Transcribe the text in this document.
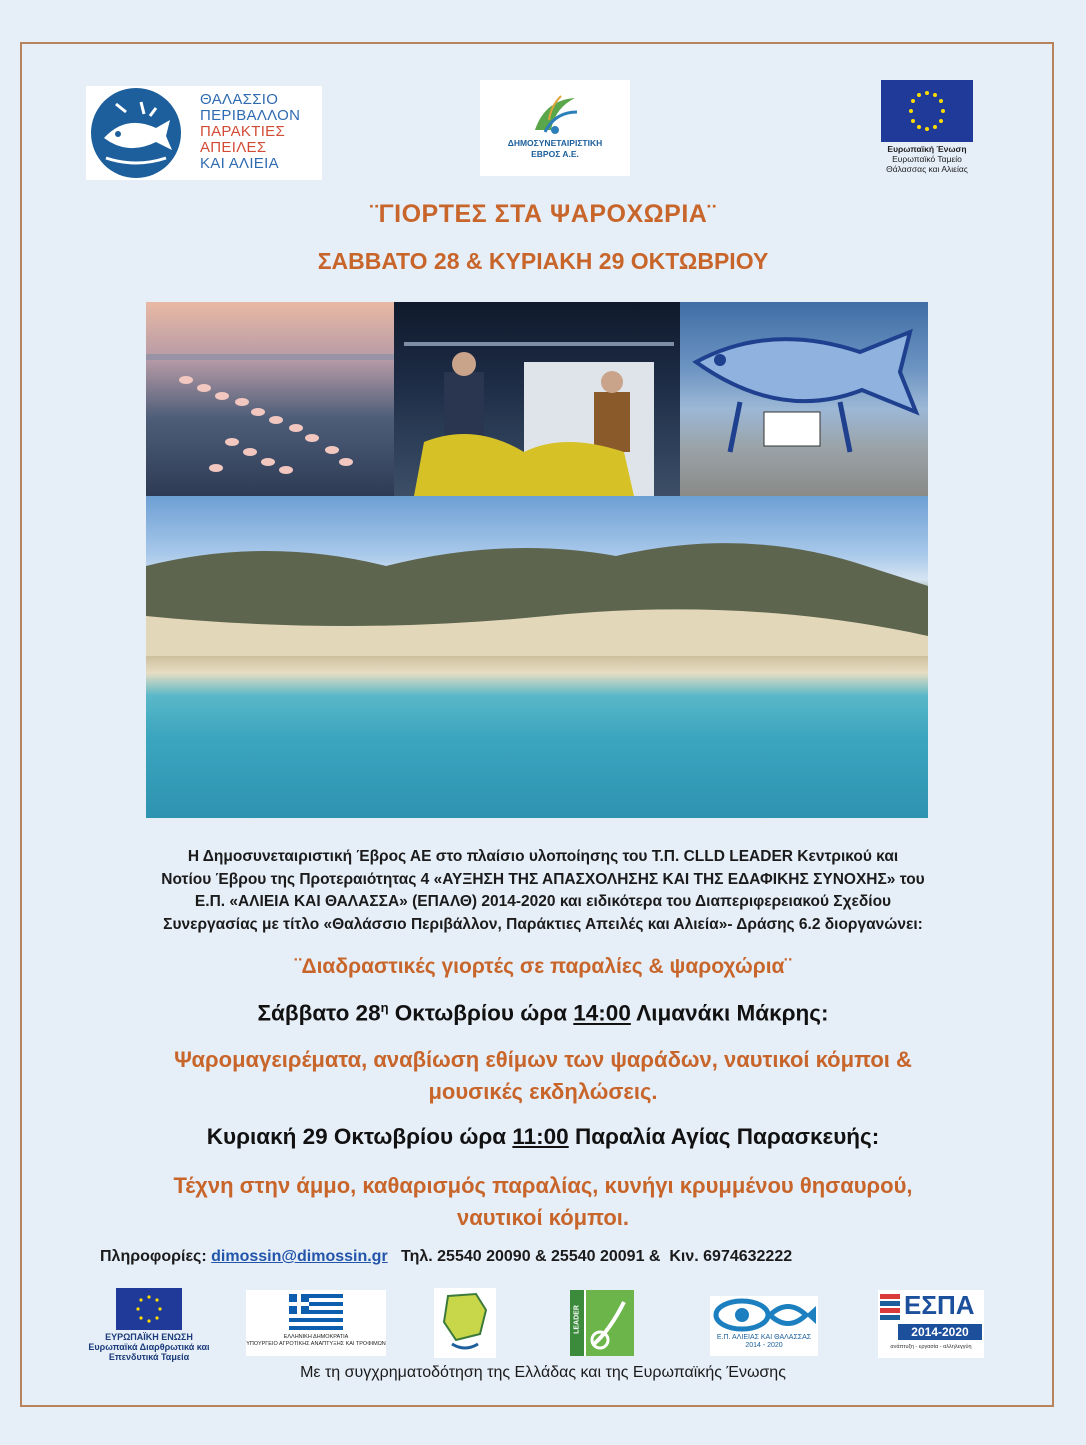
ΘΑΛΑΣΣΙΟ
ΠΕΡΙΒΑΛΛΟΝ
ΠΑΡΑΚΤΙΕΣ
ΑΠΕΙΛΕΣ
ΚΑΙ ΑΛΙΕΙΑ
ΔΗΜΟΣΥΝΕΤΑΙΡΙΣΤΙΚΗ
ΕΒΡΟΣ Α.Ε.	Ευρωπαϊκή Ένωση
Ευρωπαϊκό Ταμείο
Θάλασσας και Αλιείας
¨ΓΙΟΡΤΕΣ ΣΤΑ ΨΑΡΟΧΩΡΙΑ¨
ΣΑΒΒΑΤΟ 28 & ΚΥΡΙΑΚΗ 29 ΟΚΤΩΒΡΙΟΥ
Η Δημοσυνεταιριστική Έβρος ΑΕ στο πλαίσιο υλοποίησης του Τ.Π. CLLD LEADER Κεντρικού και
Νοτίου Έβρου της Προτεραιότητας 4 «ΑΥΞΗΣΗ ΤΗΣ ΑΠΑΣΧΟΛΗΣΗΣ ΚΑΙ ΤΗΣ ΕΔΑΦΙΚΗΣ ΣΥΝΟΧΗΣ» του
Ε.Π. «ΑΛΙΕΙΑ ΚΑΙ ΘΑΛΑΣΣΑ» (ΕΠΑΛΘ) 2014-2020 και ειδικότερα του Διαπεριφερειακού Σχεδίου
Συνεργασίας με τίτλο «Θαλάσσιο Περιβάλλον, Παράκτιες Απειλές και Αλιεία»- Δράσης 6.2 διοργανώνει:
¨Διαδραστικές γιορτές σε παραλίες & ψαροχώρια¨
Σάββατο $28^\eta$ Οκτωβρίου ώρα 14:00 Λιμανάκι Μάκρης:
Ψαρομαγειρέματα, αναβίωση εθίμων των ψαράδων, ναυτικοί κόμποι &
μουσικές εκδηλώσεις.
Κυριακή 29 Οκτωβρίου ώρα 11:00 Παραλία Αγίας Παρασκευής:
Τέχνη στην άμμο, καθαρισμός παραλίας, κυνήγι κρυμμένου θησαυρού,
ναυτικοί κόμποι.
Πληροφορίες: dimossin@dimossin.gr   Τηλ. 25540 20090 & 25540 20091 &  Κιν. 6974632222
ΕΥΡΩΠΑΪΚΗ ΕΝΩΣΗ
Ευρωπαϊκά Διαρθρωτικά και
Επενδυτικά Ταμεία
ΕΛΛΗΝΙΚΗ ΔΗΜΟΚΡΑΤΙΑ
ΥΠΟΥΡΓΕΙΟ ΑΓΡΟΤΙΚΗΣ ΑΝΑΠΤΥΞΗΣ ΚΑΙ ΤΡΟΦΙΜΩΝ
LEADER
Ε.Π. ΑΛΙΕΙΑΣ ΚΑΙ ΘΑΛΑΣΣΑΣ
2014 - 2020
ΕΣΠΑ
2014-2020
ανάπτυξη - εργασία - αλληλεγγύη
Με τη συγχρηματοδότηση της Ελλάδας και της Ευρωπαϊκής Ένωσης
